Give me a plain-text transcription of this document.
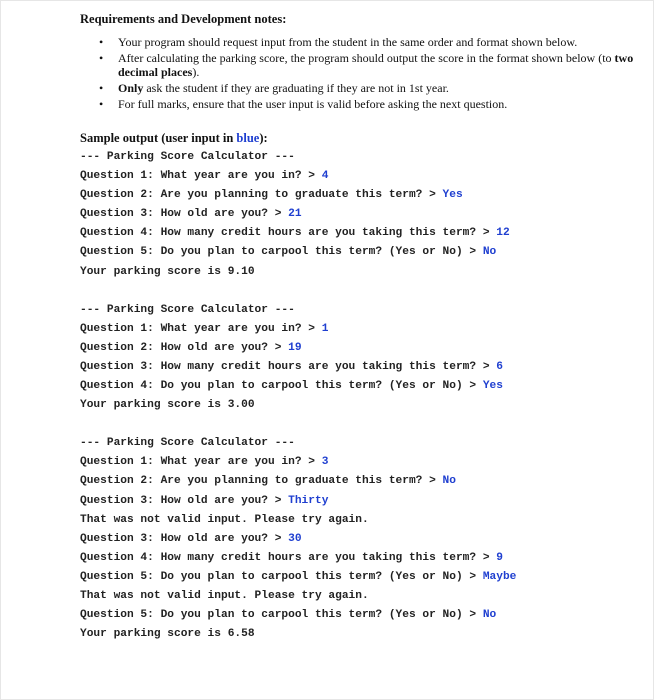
Requirements and Development notes:
• Your program should request input from the student in the same order and format shown below.
• After calculating the parking score, the program should output the score in the format shown below (to two decimal places).
• Only ask the student if they are graduating if they are not in 1st year.
• For full marks, ensure that the user input is valid before asking the next question.
Sample output (user input in blue):
--- Parking Score Calculator ---
Question 1: What year are you in? > 4
Question 2: Are you planning to graduate this term? > Yes
Question 3: How old are you? > 21
Question 4: How many credit hours are you taking this term? > 12
Question 5: Do you plan to carpool this term? (Yes or No) > No
Your parking score is 9.10
--- Parking Score Calculator ---
Question 1: What year are you in? > 1
Question 2: How old are you? > 19
Question 3: How many credit hours are you taking this term? > 6
Question 4: Do you plan to carpool this term? (Yes or No) > Yes
Your parking score is 3.00
--- Parking Score Calculator ---
Question 1: What year are you in? > 3
Question 2: Are you planning to graduate this term? > No
Question 3: How old are you? > Thirty
That was not valid input. Please try again.
Question 3: How old are you? > 30
Question 4: How many credit hours are you taking this term? > 9
Question 5: Do you plan to carpool this term? (Yes or No) > Maybe
That was not valid input. Please try again.
Question 5: Do you plan to carpool this term? (Yes or No) > No
Your parking score is 6.58
